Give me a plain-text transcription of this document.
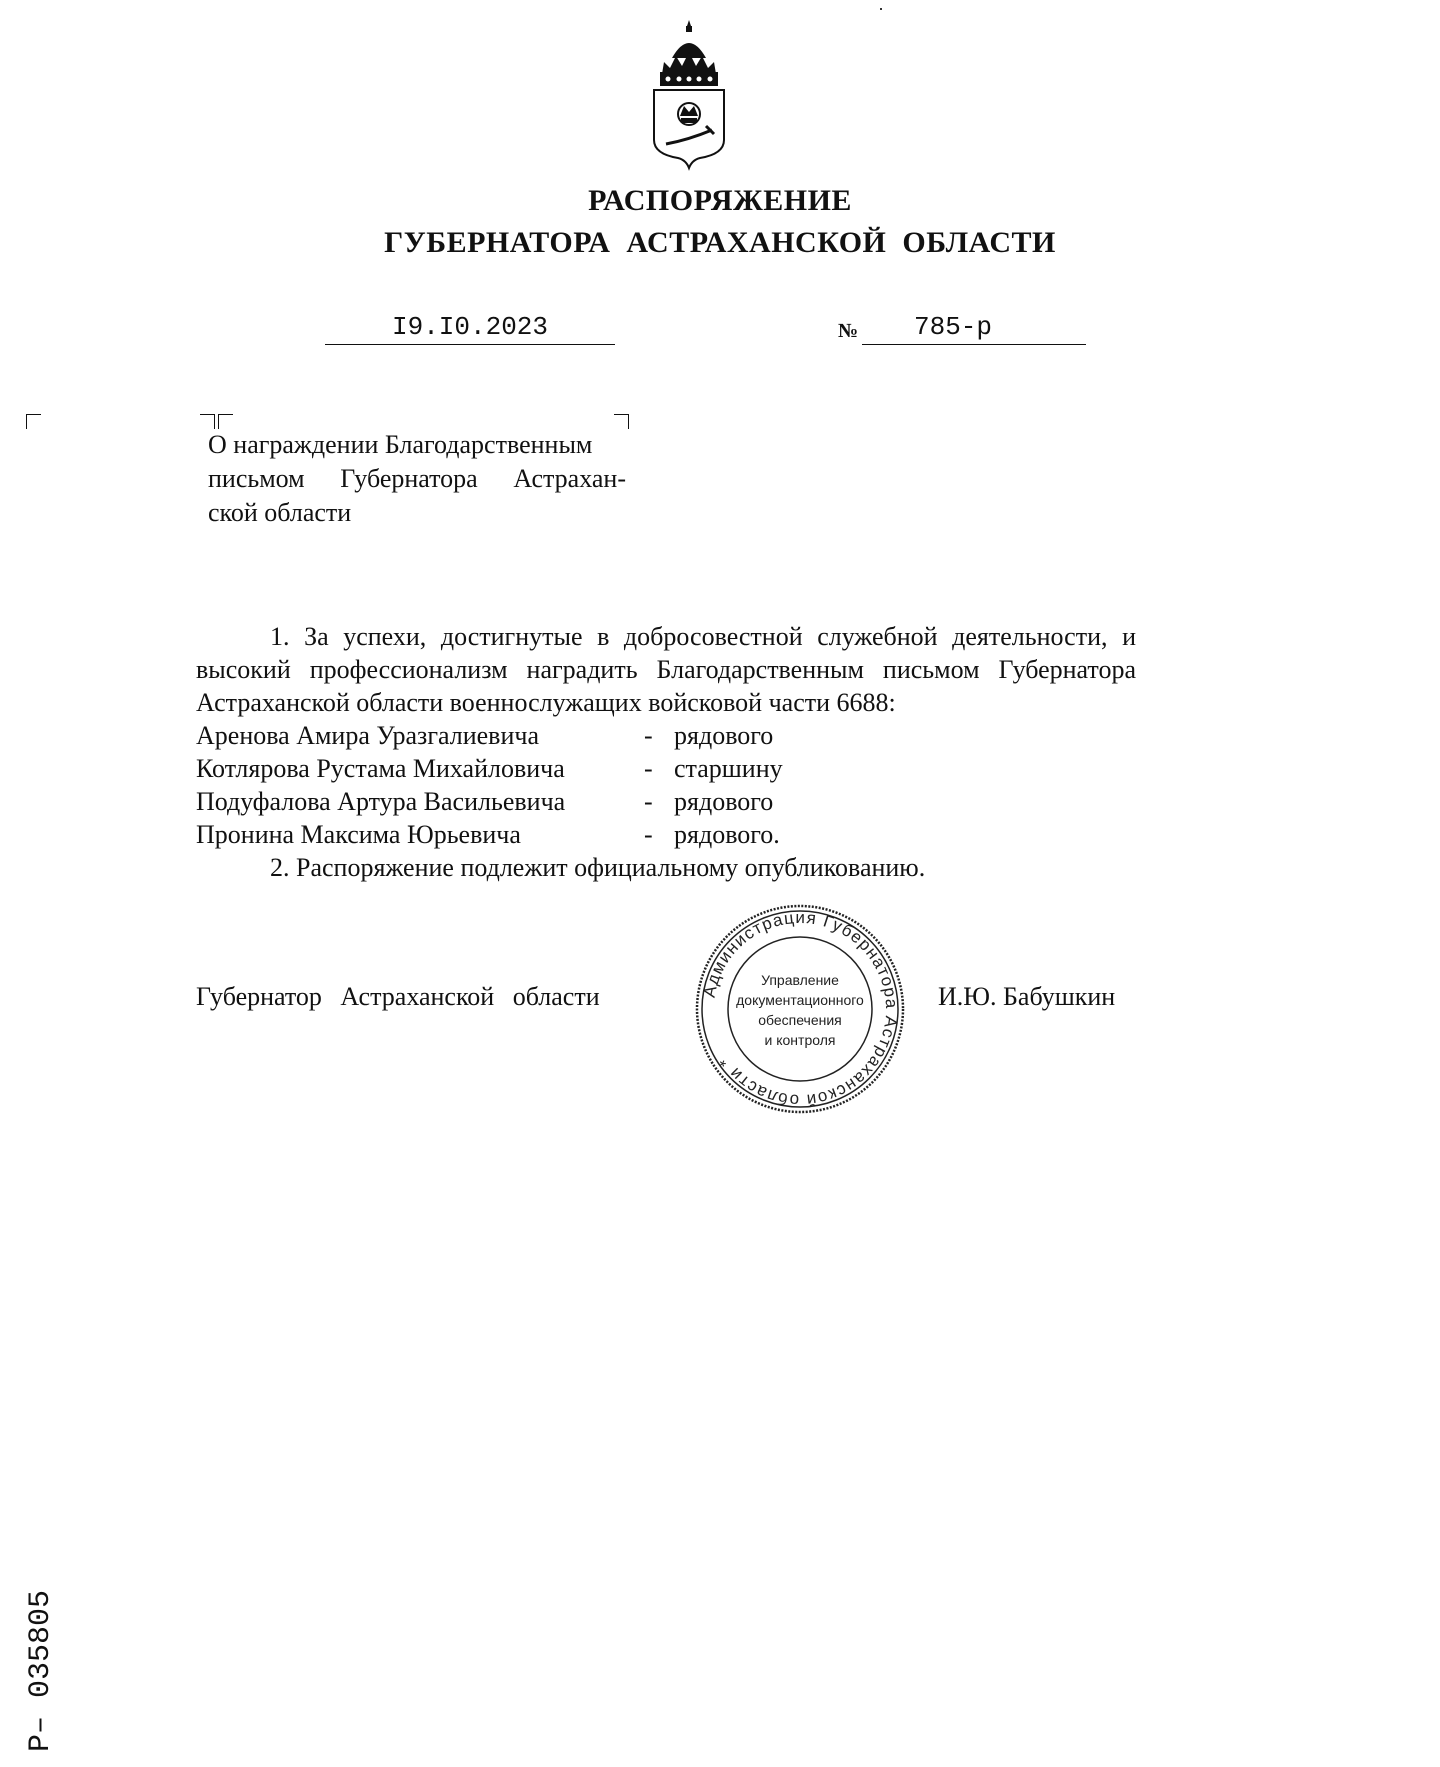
РАСПОРЯЖЕНИЕ
ГУБЕРНАТОРА  АСТРАХАНСКОЙ  ОБЛАСТИ
I9.I0.2023	№	785-р
О награждении Благодарственным
письмом Губернатора Астрахан-
ской области
1. За успехи, достигнутые в добросовестной служебной деятельности, и высокий профессионализм наградить Благодарственным письмом Губернатора Астраханской области военнослужащих войсковой части 6688:
Аренова Амира Уразгалиевича	- рядового
Котлярова Рустама Михайловича	- старшину
Подуфалова Артура Васильевича	- рядового
Пронина Максима Юрьевича	- рядового.
2. Распоряжение подлежит официальному опубликованию.
Губернатор Астраханской области	И.Ю. Бабушкин
Администрация Губернатора Астраханской области *
Управление
документационного
обеспечения
и контроля
Р– 035805
